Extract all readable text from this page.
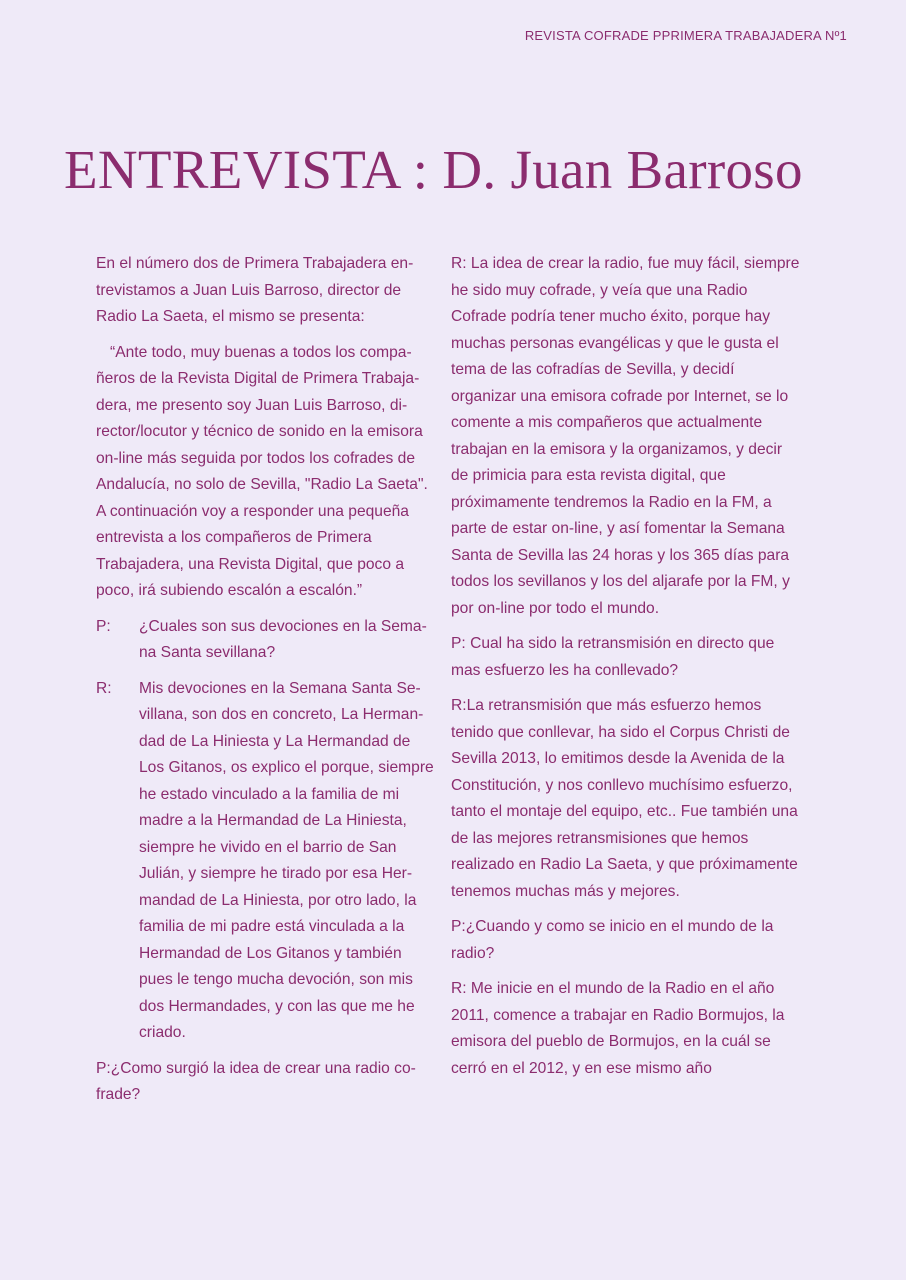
REVISTA COFRADE PPRIMERA TRABAJADERA Nº1
ENTREVISTA : D. Juan Barroso

En el número dos de Primera Trabajadera entrevistamos a Juan Luis Barroso, director de Radio La Saeta, el mismo se presenta:

“Ante todo, muy buenas a todos los compañeros de la Revista Digital de Primera Trabajadera, me presento soy Juan Luis Barroso, director/locutor y técnico de sonido en la emisora on-line más seguida por todos los cofrades de Andalucía, no solo de Sevilla, "Radio La Saeta". A continuación voy a responder una pequeña entrevista a los compañeros de Primera Trabajadera, una Revista Digital, que poco a poco, irá subiendo escalón a escalón.”

P:	¿Cuales son sus devociones en la Semana Santa sevillana?
R:	Mis devociones en la Semana Santa Sevillana, son dos en concreto, La Hermandad de La Hiniesta y La Hermandad de Los Gitanos, os explico el porque, siempre he estado vinculado a la familia de mi madre a la Hermandad de La Hiniesta, siempre he vivido en el barrio de San Julián, y siempre he tirado por esa Hermandad de La Hiniesta, por otro lado, la familia de mi padre está vinculada a la Hermandad de Los Gitanos y también pues le tengo mucha devoción, son mis dos Hermandades, y con las que me he criado.

P:¿Como surgió la idea de crear una radio cofrade?

R: La idea de crear la radio, fue muy fácil, siempre he sido muy cofrade, y veía que una Radio Cofrade podría tener mucho éxito, porque hay muchas personas evangélicas y que le gusta el tema de las cofradías de Sevilla, y decidí organizar una emisora cofrade por Internet, se lo comente a mis compañeros que actualmente trabajan en la emisora y la organizamos, y decir de primicia para esta revista digital, que próximamente tendremos la Radio en la FM, a parte de estar on-line, y así fomentar la Semana Santa de Sevilla las 24 horas y los 365 días para todos los sevillanos y los del aljarafe por la FM, y por on-line por todo el mundo.

P: Cual ha sido la retransmisión en directo que mas esfuerzo les ha conllevado?

R:La retransmisión que más esfuerzo hemos tenido que conllevar, ha sido el Corpus Christi de Sevilla 2013, lo emitimos desde la Avenida de la Constitución, y nos conllevo muchísimo esfuerzo, tanto el montaje del equipo, etc.. Fue también una de las mejores retransmisiones que hemos realizado en Radio La Saeta, y que próximamente tenemos muchas más y mejores.

P:¿Cuando y como se inicio en el mundo de la radio?

R: Me inicie en el mundo de la Radio en el año 2011, comence a trabajar en Radio Bormujos, la emisora del pueblo de Bormujos, en la cuál se cerró en el 2012, y en ese mismo año
